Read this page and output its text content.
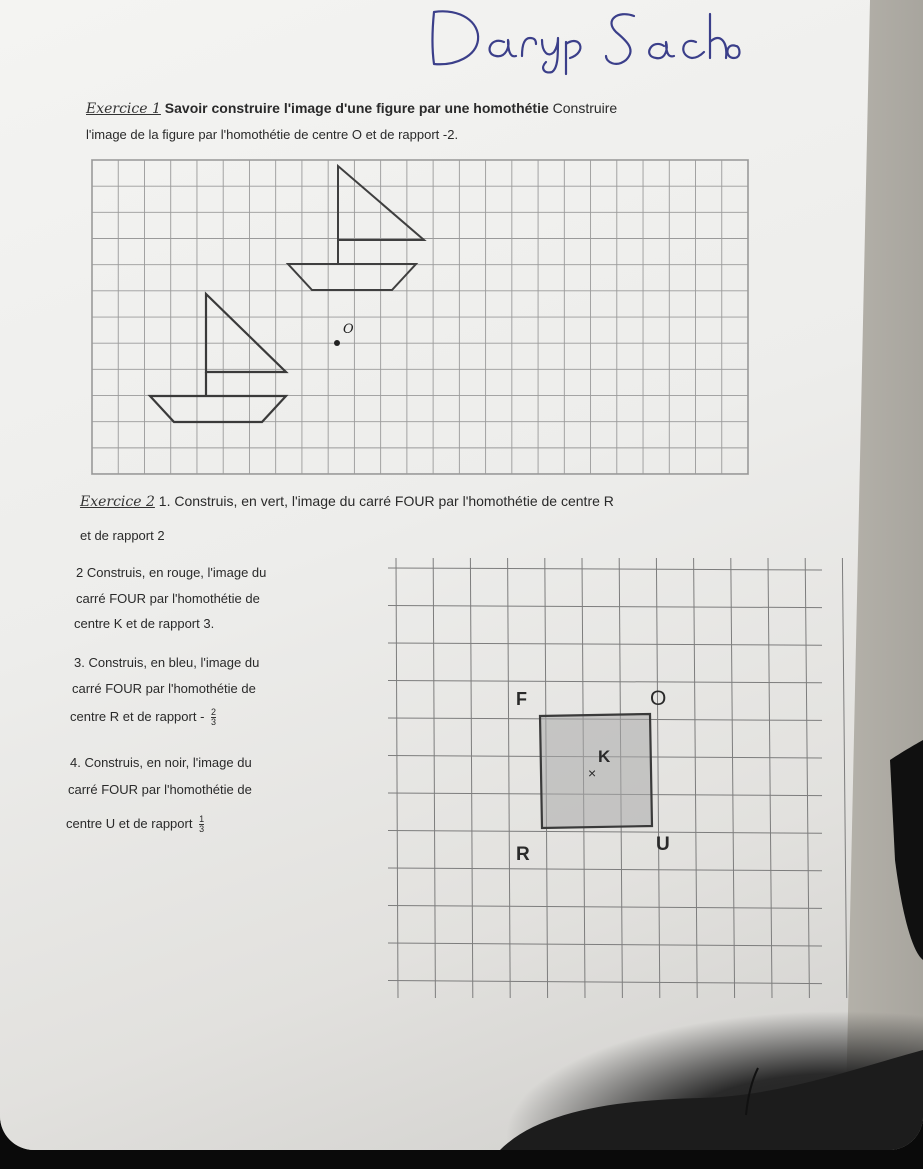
Exercice 1 Savoir construire l'image d'une figure par une homothétie Construire
l'image de la figure par l'homothétie de centre O et de rapport -2.
O
Exercice 2 1. Construis, en vert, l'image du carré FOUR par l'homothétie de centre R
et de rapport 2
2 Construis, en rouge, l'image du
carré FOUR par l'homothétie de
centre K et de rapport 3.
3. Construis, en bleu, l'image du
carré FOUR par l'homothétie de
centre R et de rapport - $\frac{2}{3}$
4. Construis, en noir, l'image du
carré FOUR par l'homothétie de
centre U et de rapport $\frac{1}{3}$
F	O
R	U
K
×
